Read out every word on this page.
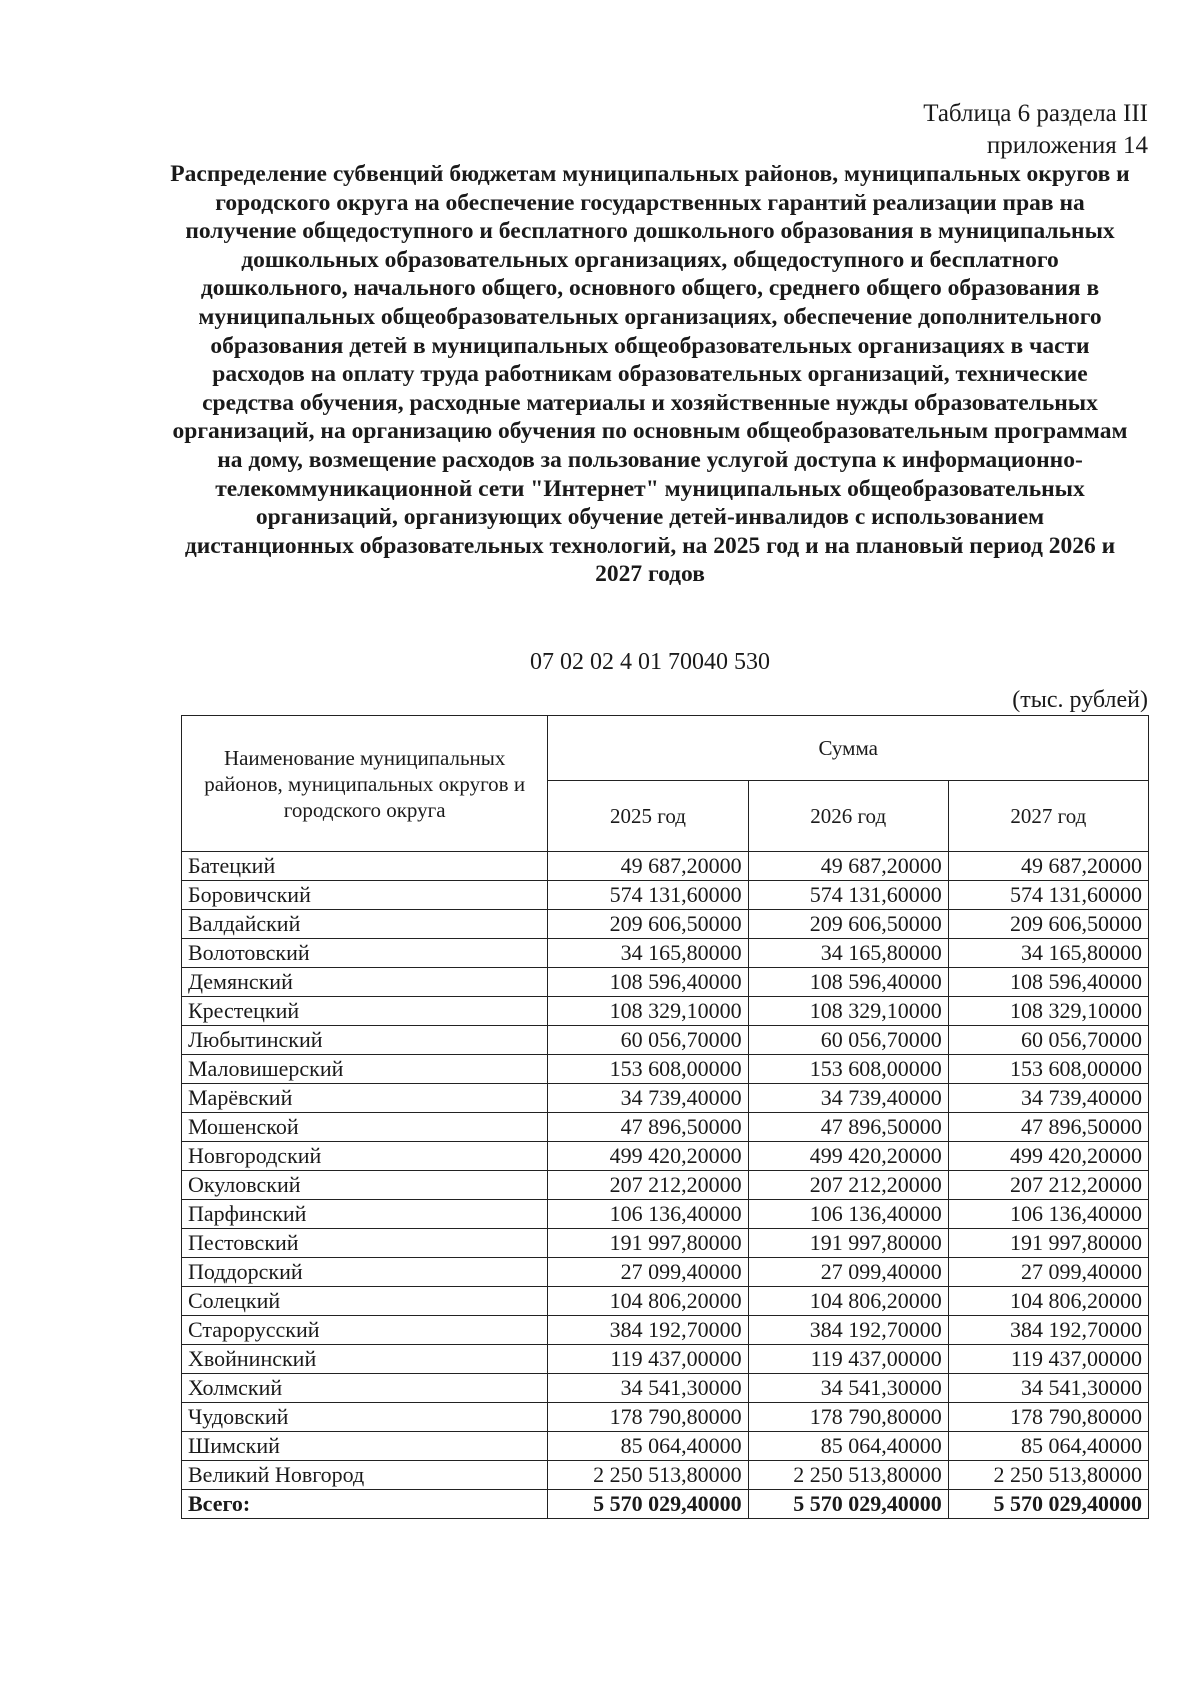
Таблица 6 раздела III
приложения 14
Распределение субвенций бюджетам муниципальных районов, муниципальных округов и городского округа на обеспечение государственных гарантий реализации прав на получение общедоступного и бесплатного дошкольного образования в муниципальных дошкольных образовательных организациях, общедоступного и бесплатного дошкольного, начального общего, основного общего, среднего общего образования в муниципальных общеобразовательных организациях, обеспечение дополнительного образования детей в муниципальных общеобразовательных организациях в части расходов на оплату труда работникам образовательных организаций, технические средства обучения, расходные материалы и хозяйственные нужды образовательных организаций, на организацию обучения по основным общеобразовательным программам на дому, возмещение расходов за пользование услугой доступа к информационно-телекоммуникационной сети "Интернет" муниципальных общеобразовательных организаций, организующих обучение детей-инвалидов с использованием дистанционных образовательных технологий, на 2025 год и на плановый период 2026 и 2027 годов
07 02 02 4 01 70040 530
(тыс. рублей)
Наименование муниципальных районов, муниципальных округов и городского округа	Сумма		
	2025 год	2026 год	2027 год
Батецкий	49 687,20000	49 687,20000	49 687,20000
Боровичский	574 131,60000	574 131,60000	574 131,60000
Валдайский	209 606,50000	209 606,50000	209 606,50000
Волотовский	34 165,80000	34 165,80000	34 165,80000
Демянский	108 596,40000	108 596,40000	108 596,40000
Крестецкий	108 329,10000	108 329,10000	108 329,10000
Любытинский	60 056,70000	60 056,70000	60 056,70000
Маловишерский	153 608,00000	153 608,00000	153 608,00000
Марёвский	34 739,40000	34 739,40000	34 739,40000
Мошенской	47 896,50000	47 896,50000	47 896,50000
Новгородский	499 420,20000	499 420,20000	499 420,20000
Окуловский	207 212,20000	207 212,20000	207 212,20000
Парфинский	106 136,40000	106 136,40000	106 136,40000
Пестовский	191 997,80000	191 997,80000	191 997,80000
Поддорский	27 099,40000	27 099,40000	27 099,40000
Солецкий	104 806,20000	104 806,20000	104 806,20000
Старорусский	384 192,70000	384 192,70000	384 192,70000
Хвойнинский	119 437,00000	119 437,00000	119 437,00000
Холмский	34 541,30000	34 541,30000	34 541,30000
Чудовский	178 790,80000	178 790,80000	178 790,80000
Шимский	85 064,40000	85 064,40000	85 064,40000
Великий Новгород	2 250 513,80000	2 250 513,80000	2 250 513,80000
Всего:	5 570 029,40000	5 570 029,40000	5 570 029,40000
